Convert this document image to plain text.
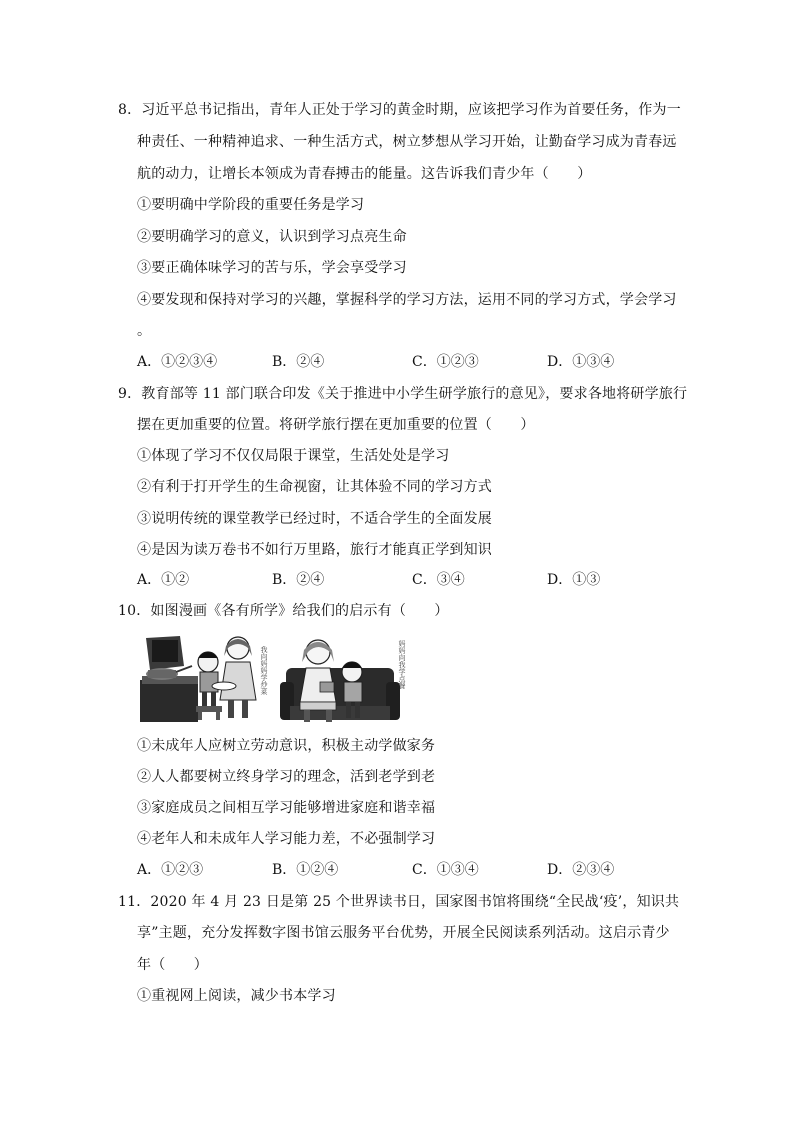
8．习近平总书记指出，青年人正处于学习的黄金时期，应该把学习作为首要任务，作为一
种责任、一种精神追求、一种生活方式，树立梦想从学习开始，让勤奋学习成为青春远
航的动力，让增长本领成为青春搏击的能量。这告诉我们青少年（　　）
①要明确中学阶段的重要任务是学习
②要明确学习的意义，认识到学习点亮生命
③要正确体味学习的苦与乐，学会享受学习
④要发现和保持对学习的兴趣，掌握科学的学习方法，运用不同的学习方式，学会学习
。
A．①②③④	B．②④	C．①②③	D．①③④
9．教育部等 11 部门联合印发《关于推进中小学生研学旅行的意见》，要求各地将研学旅行
摆在更加重要的位置。将研学旅行摆在更加重要的位置（　　）
①体现了学习不仅仅局限于课堂，生活处处是学习
②有利于打开学生的生命视窗，让其体验不同的学习方式
③说明传统的课堂教学已经过时，不适合学生的全面发展
④是因为读万卷书不如行万里路，旅行才能真正学到知识
A．①②	B．②④	C．③④	D．①③
10．如图漫画《各有所学》给我们的启示有（　　）
我向妈妈学炒菜	妈妈向我学点餐
①未成年人应树立劳动意识，积极主动学做家务
②人人都要树立终身学习的理念，活到老学到老
③家庭成员之间相互学习能够增进家庭和谐幸福
④老年人和未成年人学习能力差，不必强制学习
A．①②③	B．①②④	C．①③④	D．②③④
11．2020 年 4 月 23 日是第 25 个世界读书日，国家图书馆将围绕“全民战‘疫’，知识共
享”主题，充分发挥数字图书馆云服务平台优势，开展全民阅读系列活动。这启示青少
年（　　）
①重视网上阅读，减少书本学习
